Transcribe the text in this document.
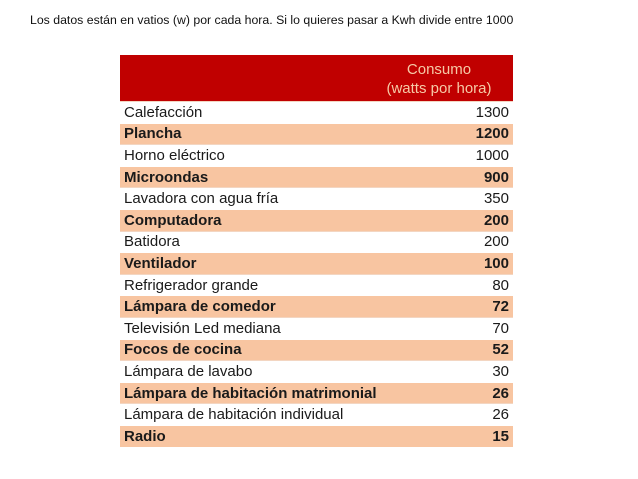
Los datos están en vatios (w) por cada hora. Si lo quieres pasar a Kwh divide entre 1000
Consumo
(watts por hora)
Calefacción	1300
Plancha	1200
Horno eléctrico	1000
Microondas	900
Lavadora con agua fría	350
Computadora	200
Batidora	200
Ventilador	100
Refrigerador grande	80
Lámpara de comedor	72
Televisión Led mediana	70
Focos de cocina	52
Lámpara de lavabo	30
Lámpara de habitación matrimonial	26
Lámpara de habitación individual	26
Radio	15
